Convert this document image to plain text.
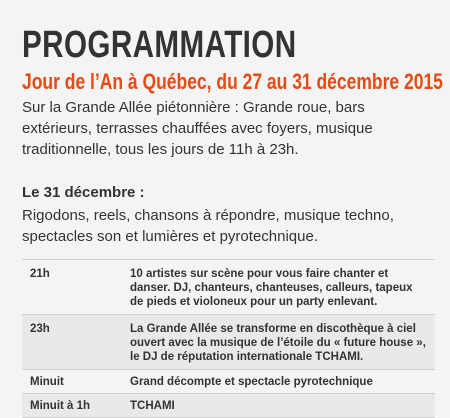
PROGRAMMATION
Jour de l’An à Québec, du 27 au 31 décembre 2015

Sur la Grande Allée piétonnière : Grande roue, bars extérieurs, terrasses chauffées avec foyers, musique traditionnelle, tous les jours de 11h à 23h.

Le 31 décembre :

Rigodons, reels, chansons à répondre, musique techno, spectacles son et lumières et pyrotechnique.

21h	10 artistes sur scène pour vous faire chanter et danser. DJ, chanteurs, chanteuses, calleurs, tapeux de pieds et violoneux pour un party enlevant.
23h	La Grande Allée se transforme en discothèque à ciel ouvert avec la musique de l’étoile du « future house », le DJ de réputation internationale TCHAMI.
Minuit	Grand décompte et spectacle pyrotechnique
Minuit à 1h	TCHAMI
